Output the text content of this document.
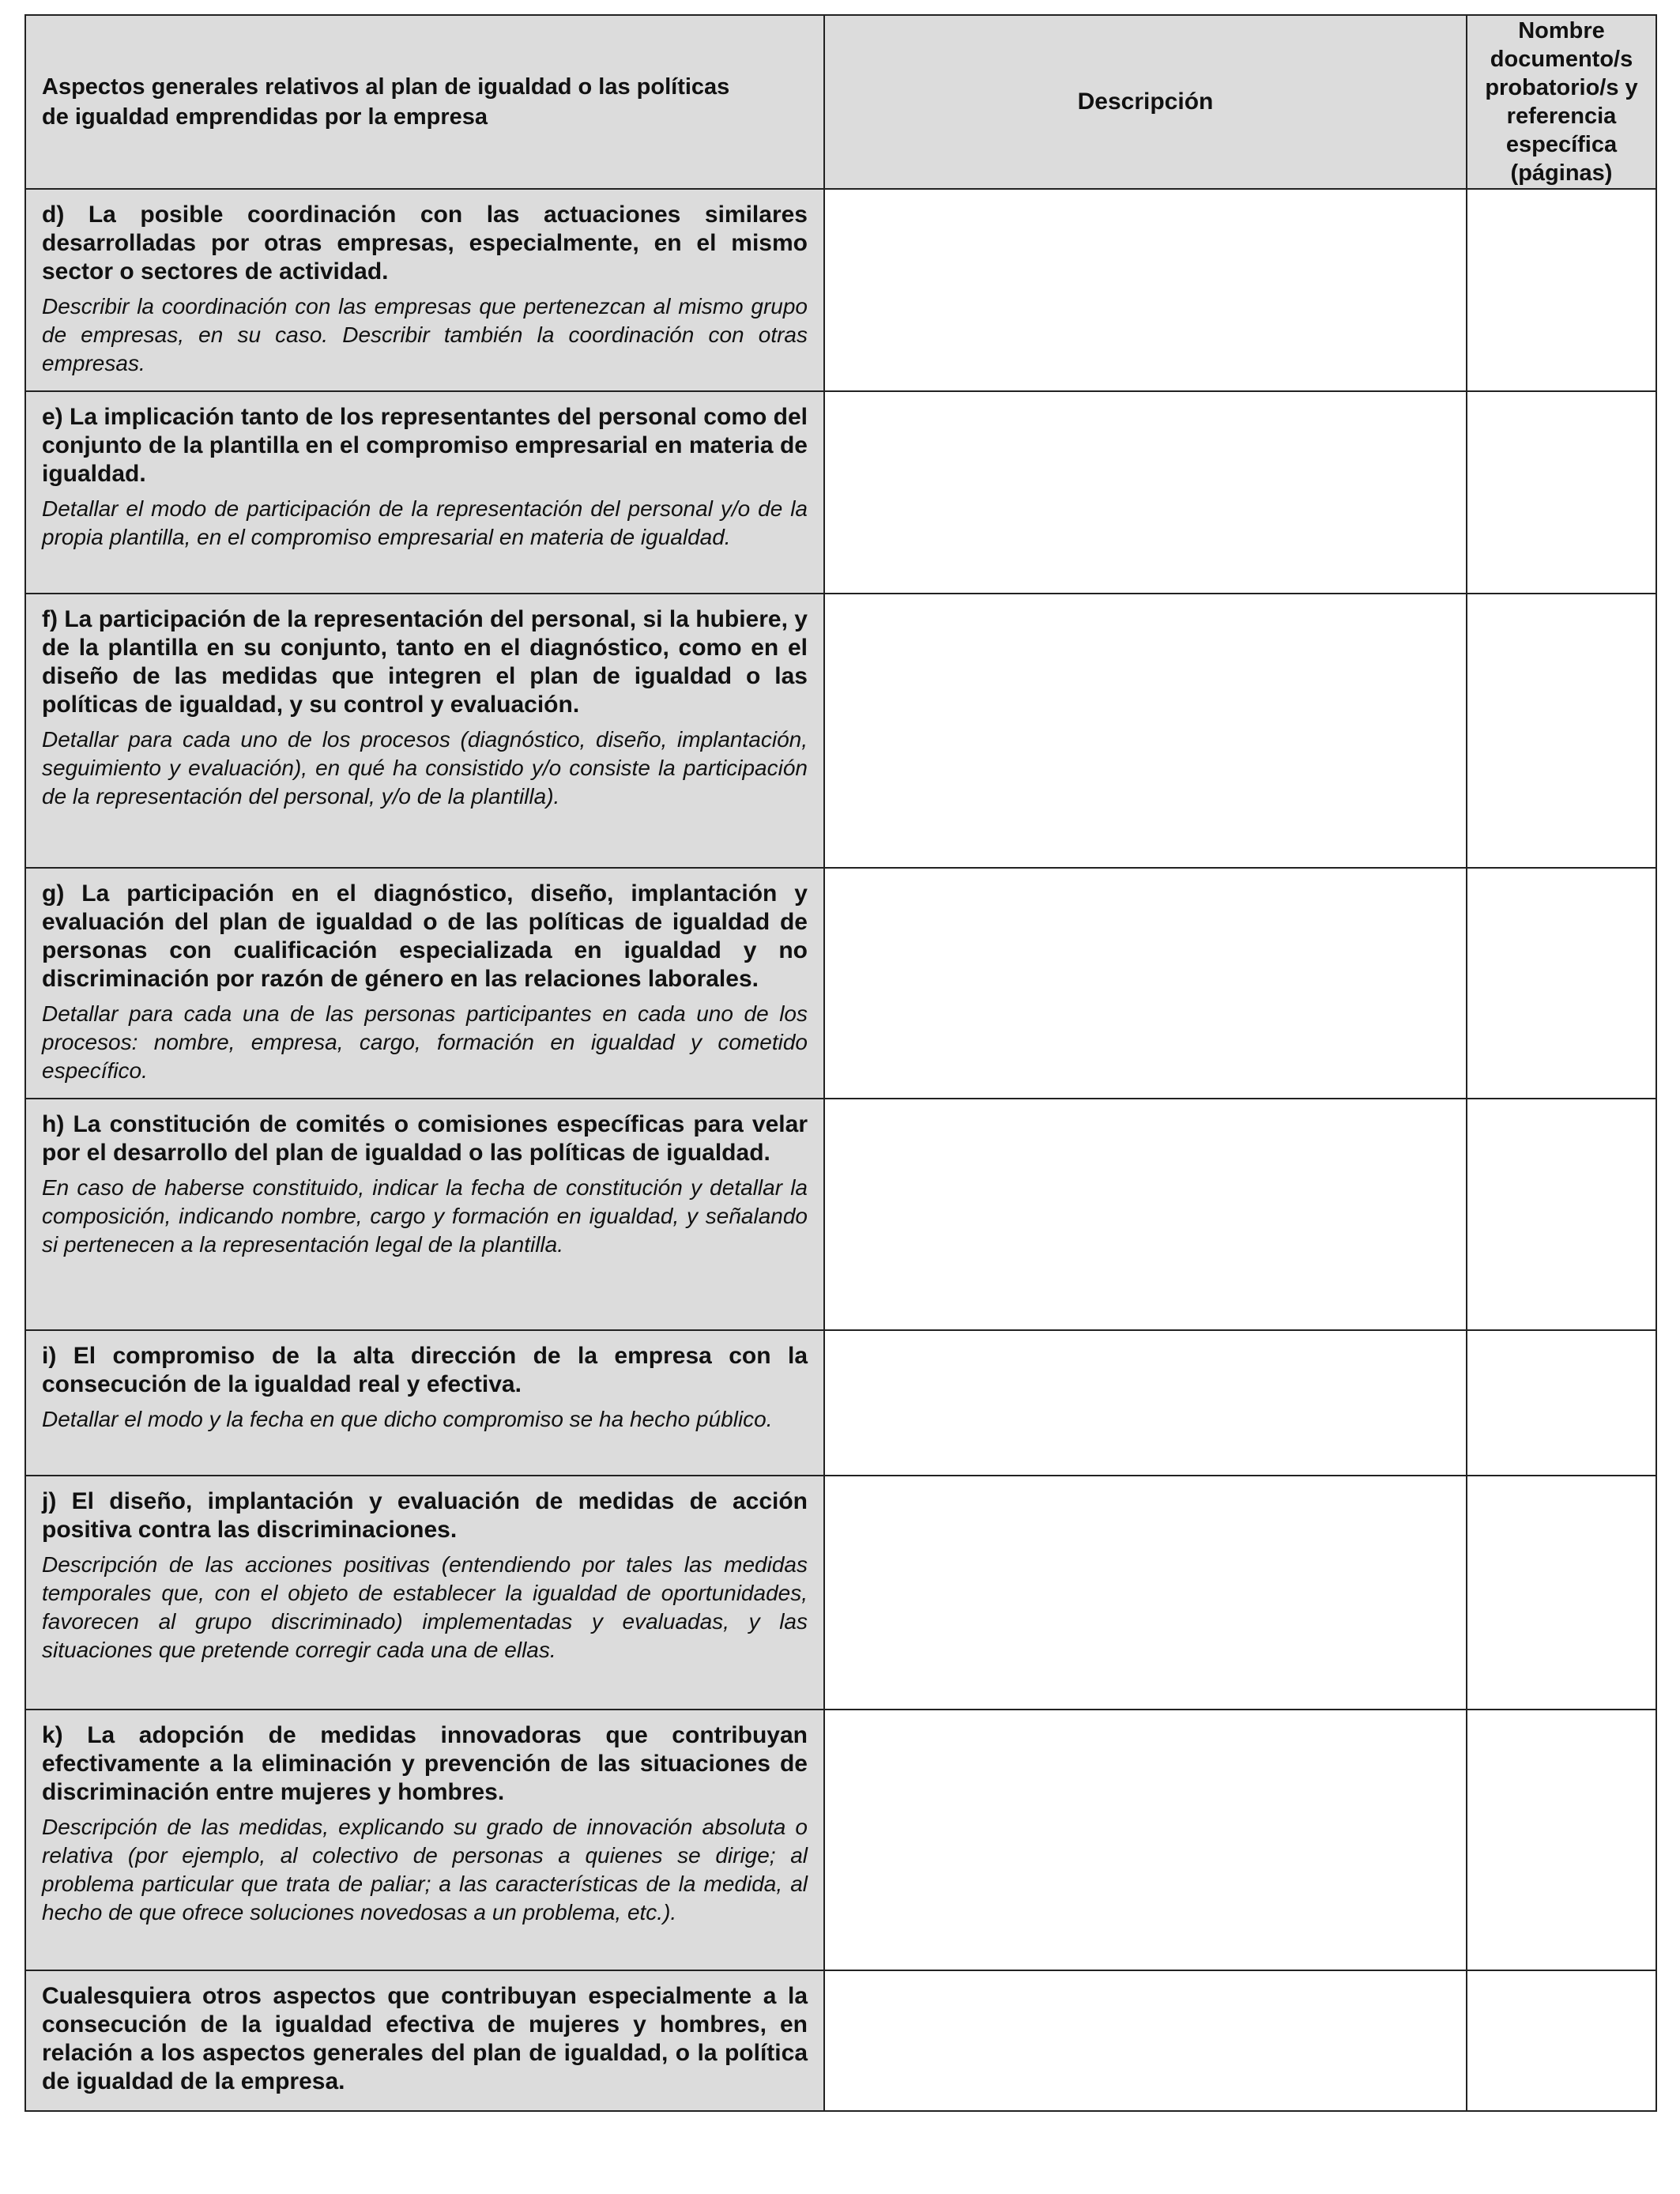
Aspectos generales relativos al plan de igualdad o las políticas
de igualdad emprendidas por la empresa	Descripción	Nombre documento/s probatorio/s y referencia específica (páginas)

d) La posible coordinación con las actuaciones similares desarrolladas por otras empresas, especialmente, en el mismo sector o sectores de actividad.

Describir la coordinación con las empresas que pertenezcan al mismo grupo de empresas, en su caso. Describir también la coordinación con otras empresas.		

e) La implicación tanto de los representantes del personal como del conjunto de la plantilla en el compromiso empresarial en materia de igualdad.

Detallar el modo de participación de la representación del personal y/o de la propia plantilla, en el compromiso empresarial en materia de igualdad.		

f) La participación de la representación del personal, si la hubiere, y de la plantilla en su conjunto, tanto en el diagnóstico, como en el diseño de las medidas que integren el plan de igualdad o las políticas de igualdad, y su control y evaluación.

Detallar para cada uno de los procesos (diagnóstico, diseño, implantación, seguimiento y evaluación), en qué ha consistido y/o consiste la participación de la representación del personal, y/o de la plantilla).		

g) La participación en el diagnóstico, diseño, implantación y evaluación del plan de igualdad o de las políticas de igualdad de personas con cualificación especializada en igualdad y no discriminación por razón de género en las relaciones laborales.

Detallar para cada una de las personas participantes en cada uno de los procesos: nombre, empresa, cargo, formación en igualdad y cometido específico.		

h) La constitución de comités o comisiones específicas para velar por el desarrollo del plan de igualdad o las políticas de igualdad.

En caso de haberse constituido, indicar la fecha de constitución y detallar la composición, indicando nombre, cargo y formación en igualdad, y señalando si pertenecen a la representación legal de la plantilla.		

i) El compromiso de la alta dirección de la empresa con la consecución de la igualdad real y efectiva.

Detallar el modo y la fecha en que dicho compromiso se ha hecho público.		

j) El diseño, implantación y evaluación de medidas de acción positiva contra las discriminaciones.

Descripción de las acciones positivas (entendiendo por tales las medidas temporales que, con el objeto de establecer la igualdad de oportunidades, favorecen al grupo discriminado) implementadas y evaluadas, y las situaciones que pretende corregir cada una de ellas.		

k) La adopción de medidas innovadoras que contribuyan efectivamente a la eliminación y prevención de las situaciones de discriminación entre mujeres y hombres.

Descripción de las medidas, explicando su grado de innovación absoluta o relativa (por ejemplo, al colectivo de personas a quienes se dirige; al problema particular que trata de paliar; a las características de la medida, al hecho de que ofrece soluciones novedosas a un problema, etc.).		

Cualesquiera otros aspectos que contribuyan especialmente a la consecución de la igualdad efectiva de mujeres y hombres, en relación a los aspectos generales del plan de igualdad, o la política de igualdad de la empresa.		
